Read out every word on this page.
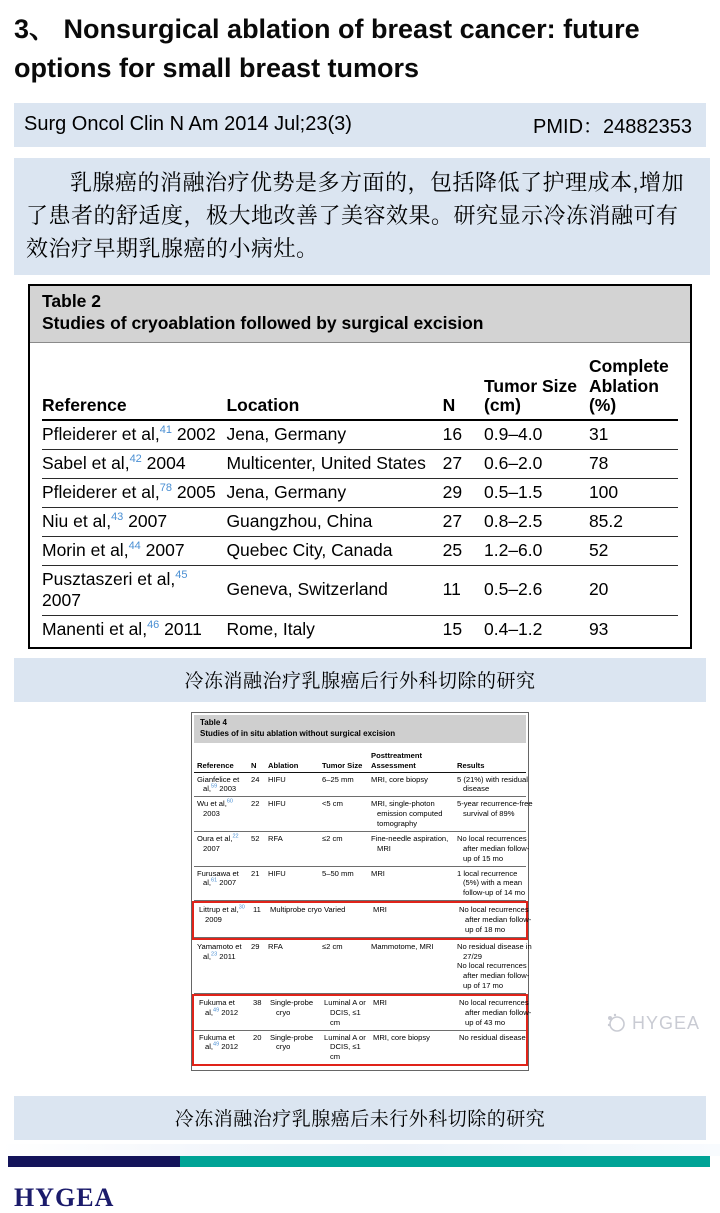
3、 Nonsurgical ablation of breast cancer: future options for small breast tumors
Surg Oncol Clin N Am 2014 Jul;23(3)	PMID：24882353
乳腺癌的消融治疗优势是多方面的，包括降低了护理成本,增加了患者的舒适度，极大地改善了美容效果。研究显示冷冻消融可有效治疗早期乳腺癌的小病灶。
Table 2
Studies of cryoablation followed by surgical excision
Reference	Location	N	Tumor Size (cm)	Complete Ablation (%)
Pfleiderer et al,$^{41}$ 2002	Jena, Germany	16	0.9–4.0	31
Sabel et al,$^{42}$ 2004	Multicenter, United States	27	0.6–2.0	78
Pfleiderer et al,$^{78}$ 2005	Jena, Germany	29	0.5–1.5	100
Niu et al,$^{43}$ 2007	Guangzhou, China	27	0.8–2.5	85.2
Morin et al,$^{44}$ 2007	Quebec City, Canada	25	1.2–6.0	52
Pusztaszeri et al,$^{45}$ 2007	Geneva, Switzerland	11	0.5–2.6	20
Manenti et al,$^{46}$ 2011	Rome, Italy	15	0.4–1.2	93
冷冻消融治疗乳腺癌后行外科切除的研究
Table 4
Studies of in situ ablation without surgical excision
Reference	N	Ablation	Tumor Size
Posttreatment Assessment	Results
Gianfelice et al,$^{59}$ 2003
24	HIFU	6–25 mm	MRI, core biopsy	5 (21%) with residual disease
Wu et al,$^{60}$ 2003
22	HIFU	<5 cm	MRI, single-photon emission computed tomography
5-year recurrence-free survival of 89%
Oura et al,$^{22}$ 2007
52	RFA	≤2 cm	Fine-needle aspiration, MRI
No local recurrences after median follow-up of 15 mo
Furusawa et al,$^{61}$ 2007
21	HIFU	5–50 mm	MRI	1 local recurrence (5%) with a mean follow-up of 14 mo
Littrup et al,$^{30}$ 2009
11	Multiprobe cryo Varied	MRI	No local recurrences after median follow-up of 18 mo
Yamamoto et al,$^{23}$ 2011
29	RFA	≤2 cm	Mammotome, MRI	No residual disease in 27/29
No local recurrences after median follow-up of 17 mo
Fukuma et al,$^{49}$ 2012
38	Single-probe cryo
Luminal A or DCIS, ≤1 cm
MRI	No local recurrences after median follow-up of 43 mo
Fukuma et al,$^{49}$ 2012
20	Single-probe cryo
Luminal A or DCIS, ≤1 cm
MRI, core biopsy	No residual disease
冷冻消融治疗乳腺癌后未行外科切除的研究
HYGEA
HYGEA
